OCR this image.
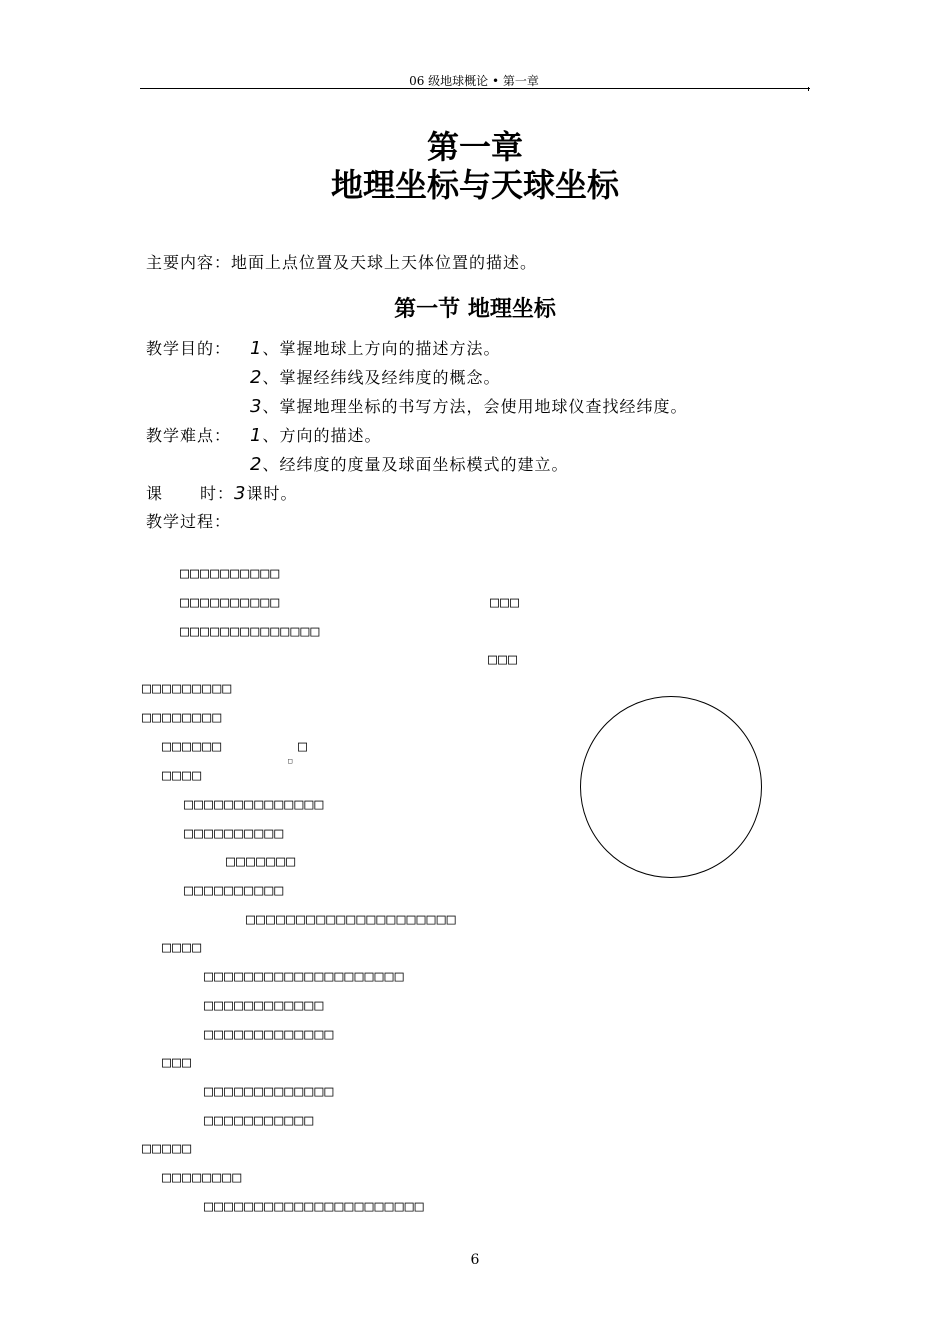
06 级地球概论 • 第一章
第一章
地理坐标与天球坐标
主要内容：地面上点位置及天球上天体位置的描述。
第一节 地理坐标
教学目的： 1、掌握地球上方向的描述方法。
2、掌握经纬线及经纬度的概念。
3、掌握地理坐标的书写方法，会使用地球仪查找经纬度。
教学难点： 1、方向的描述。
2、经纬度的度量及球面坐标模式的建立。
课 时：3课时。
教学过程：
□□□□□□□□□□
□□□□□□□□□□	□□□
□□□□□□□□□□□□□□
□□□
□□□□□□□□□
□□□□□□□□
□□□□□□	□
□
□□□□
□□□□□□□□□□□□□□
□□□□□□□□□□
□□□□□□□
□□□□□□□□□□
□□□□□□□□□□□□□□□□□□□□□
□□□□
□□□□□□□□□□□□□□□□□□□□
□□□□□□□□□□□□
□□□□□□□□□□□□□
□□□
□□□□□□□□□□□□□
□□□□□□□□□□□
□□□□□
□□□□□□□□
□□□□□□□□□□□□□□□□□□□□□□
6
